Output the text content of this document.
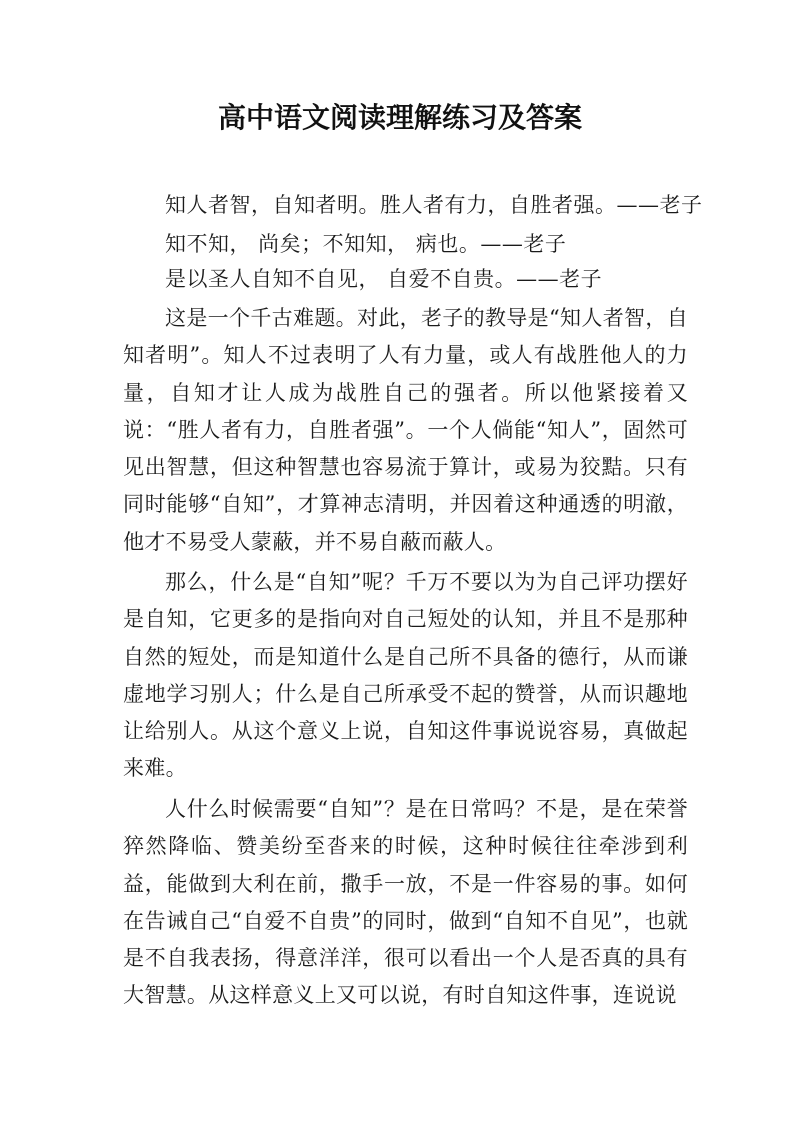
高中语文阅读理解练习及答案
知人者智，自知者明。胜人者有力，自胜者强。——老子
知不知， 尚矣；不知知， 病也。——老子
是以圣人自知不自见， 自爱不自贵。——老子

这是一个千古难题。对此，老子的教导是“知人者智，自知者明”。知人不过表明了人有力量，或人有战胜他人的力量，自知才让人成为战胜自己的强者。所以他紧接着又说：“胜人者有力，自胜者强”。一个人倘能“知人”，固然可见出智慧，但这种智慧也容易流于算计，或易为狡黠。只有同时能够“自知”，才算神志清明，并因着这种通透的明澈，他才不易受人蒙蔽，并不易自蔽而蔽人。

那么，什么是“自知”呢？千万不要以为为自己评功摆好是自知，它更多的是指向对自己短处的认知，并且不是那种自然的短处，而是知道什么是自己所不具备的德行，从而谦虚地学习别人；什么是自己所承受不起的赞誉，从而识趣地让给别人。从这个意义上说，自知这件事说说容易，真做起来难。

人什么时候需要“自知”？是在日常吗？不是，是在荣誉猝然降临、赞美纷至沓来的时候，这种时候往往牵涉到利益，能做到大利在前，撒手一放，不是一件容易的事。如何在告诫自己“自爱不自贵”的同时，做到“自知不自见”，也就是不自我表扬，得意洋洋，很可以看出一个人是否真的具有大智慧。从这样意义上又可以说，有时自知这件事，连说说
